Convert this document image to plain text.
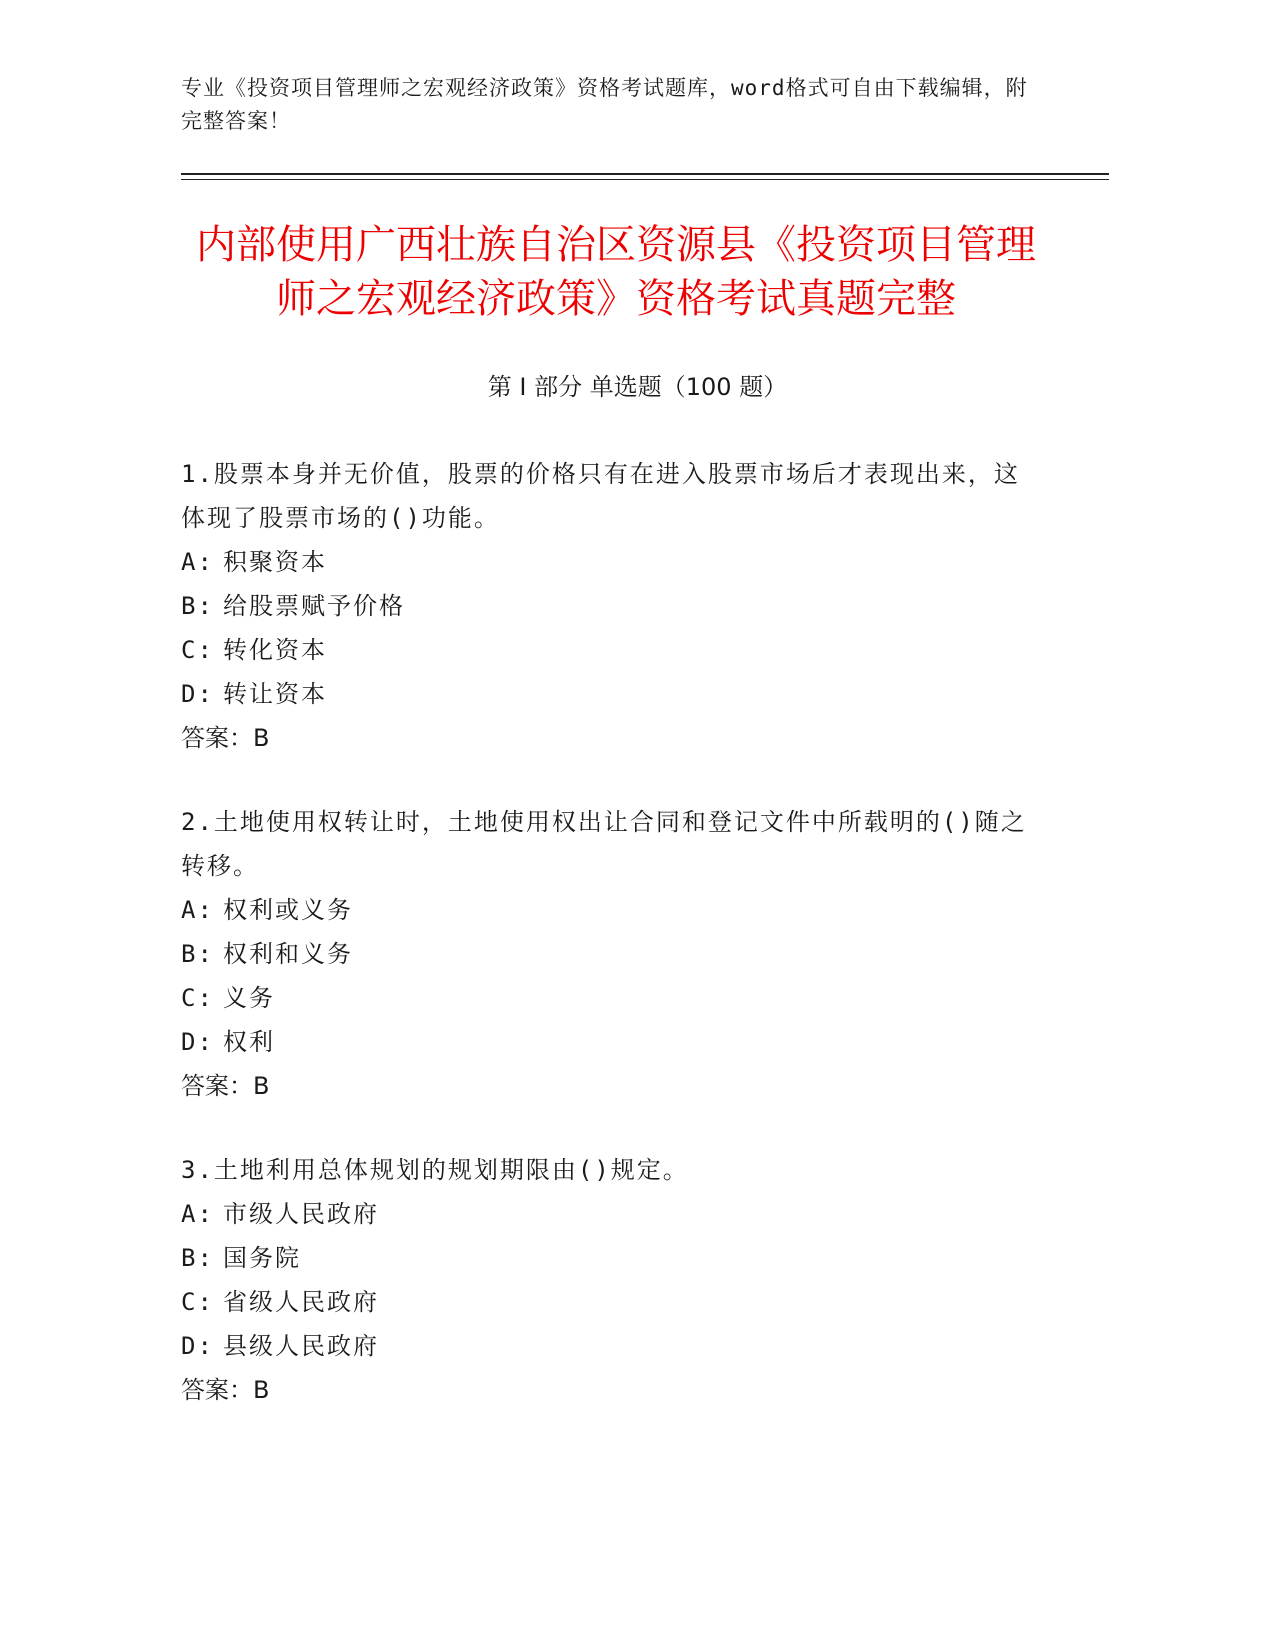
专业《投资项目管理师之宏观经济政策》资格考试题库，word格式可自由下载编辑，附完整答案！
内部使用广西壮族自治区资源县《投资项目管理师之宏观经济政策》资格考试真题完整
第 I 部分 单选题（100 题）
1.股票本身并无价值，股票的价格只有在进入股票市场后才表现出来，这体现了股票市场的()功能。
A: 积聚资本
B: 给股票赋予价格
C: 转化资本
D: 转让资本
答案：B
2.土地使用权转让时，土地使用权出让合同和登记文件中所载明的()随之转移。
A: 权利或义务
B: 权利和义务
C: 义务
D: 权利
答案：B
3.土地利用总体规划的规划期限由()规定。
A: 市级人民政府
B: 国务院
C: 省级人民政府
D: 县级人民政府
答案：B
